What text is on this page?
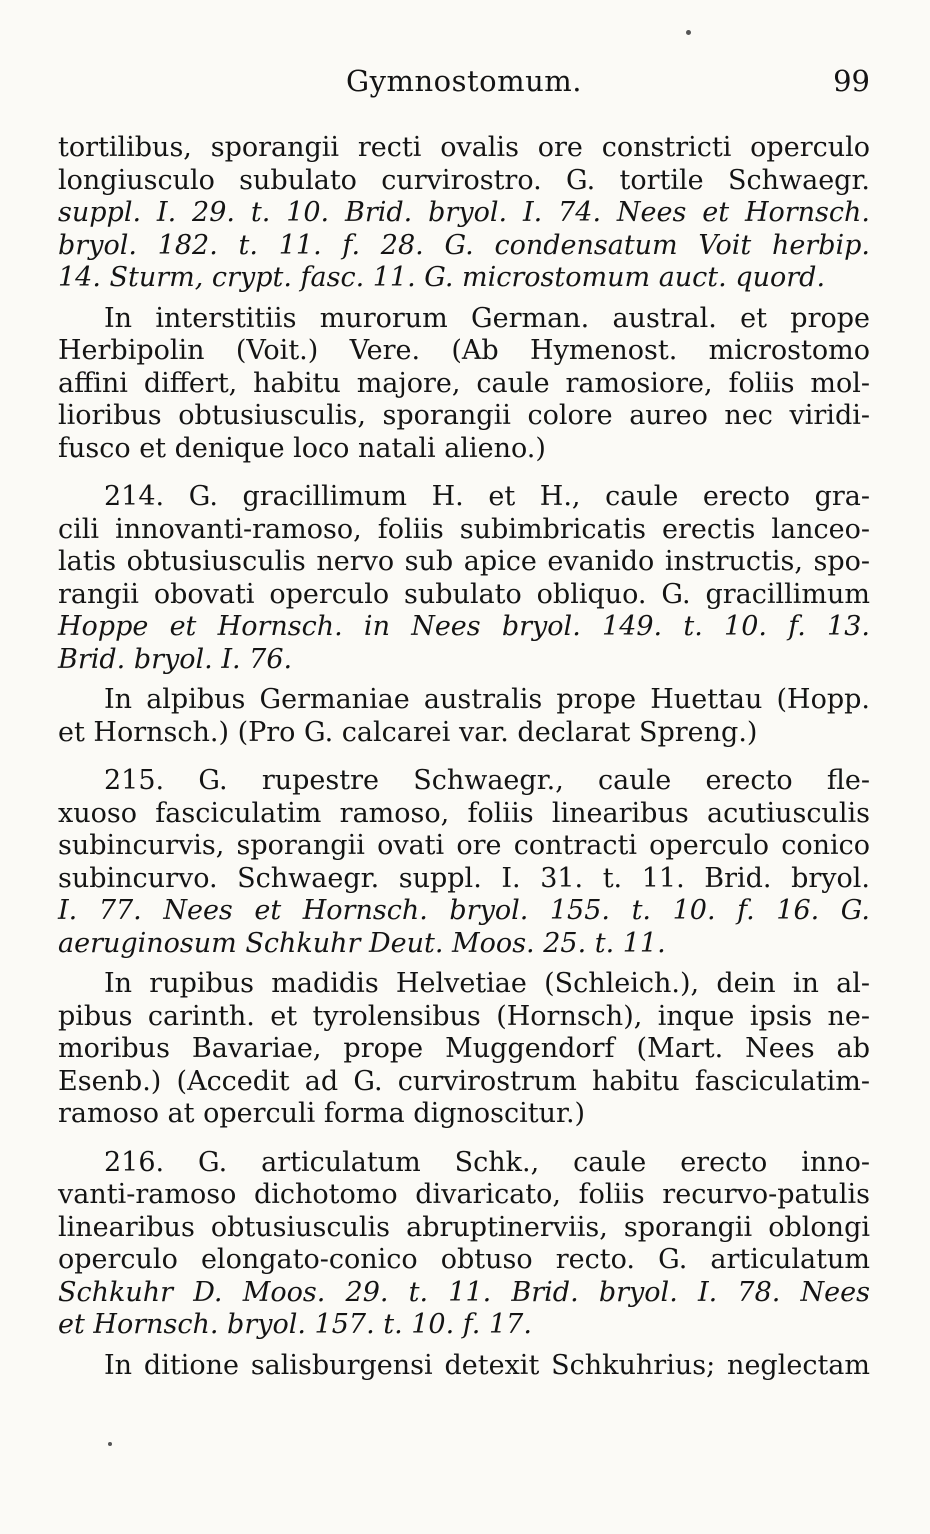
Gymnostomum.	99
tortilibus, sporangii recti ovalis ore constricti operculo
longiusculo subulato curvirostro. G. tortile Schwaegr.
suppl. I. 29. t. 10. Brid. bryol. I. 74. Nees et Hornsch.
bryol. 182. t. 11. f. 28. G. condensatum Voit herbip.
14. Sturm, crypt. fasc. 11. G. microstomum auct. quord.
In interstitiis murorum German. austral. et prope
Herbipolin (Voit.) Vere. (Ab Hymenost. microstomo
affini differt, habitu majore, caule ramosiore, foliis mol-
lioribus obtusiusculis, sporangii colore aureo nec viridi-
fusco et denique loco natali alieno.)
214. G. gracillimum H. et H., caule erecto gra-
cili innovanti-ramoso, foliis subimbricatis erectis lanceo-
latis obtusiusculis nervo sub apice evanido instructis, spo-
rangii obovati operculo subulato obliquo. G. gracillimum
Hoppe et Hornsch. in Nees bryol. 149. t. 10. f. 13.
Brid. bryol. I. 76.
In alpibus Germaniae australis prope Huettau (Hopp.
et Hornsch.) (Pro G. calcarei var. declarat Spreng.)
215. G. rupestre Schwaegr., caule erecto fle-
xuoso fasciculatim ramoso, foliis linearibus acutiusculis
subincurvis, sporangii ovati ore contracti operculo conico
subincurvo. Schwaegr. suppl. I. 31. t. 11. Brid. bryol.
I. 77. Nees et Hornsch. bryol. 155. t. 10. f. 16. G.
aeruginosum Schkuhr Deut. Moos. 25. t. 11.
In rupibus madidis Helvetiae (Schleich.), dein in al-
pibus carinth. et tyrolensibus (Hornsch), inque ipsis ne-
moribus Bavariae, prope Muggendorf (Mart. Nees ab
Esenb.) (Accedit ad G. curvirostrum habitu fasciculatim-
ramoso at operculi forma dignoscitur.)
216. G. articulatum Schk., caule erecto inno-
vanti-ramoso dichotomo divaricato, foliis recurvo-patulis
linearibus obtusiusculis abruptinerviis, sporangii oblongi
operculo elongato-conico obtuso recto. G. articulatum
Schkuhr D. Moos. 29. t. 11. Brid. bryol. I. 78. Nees
et Hornsch. bryol. 157. t. 10. f. 17.
In ditione salisburgensi detexit Schkuhrius; neglectam
